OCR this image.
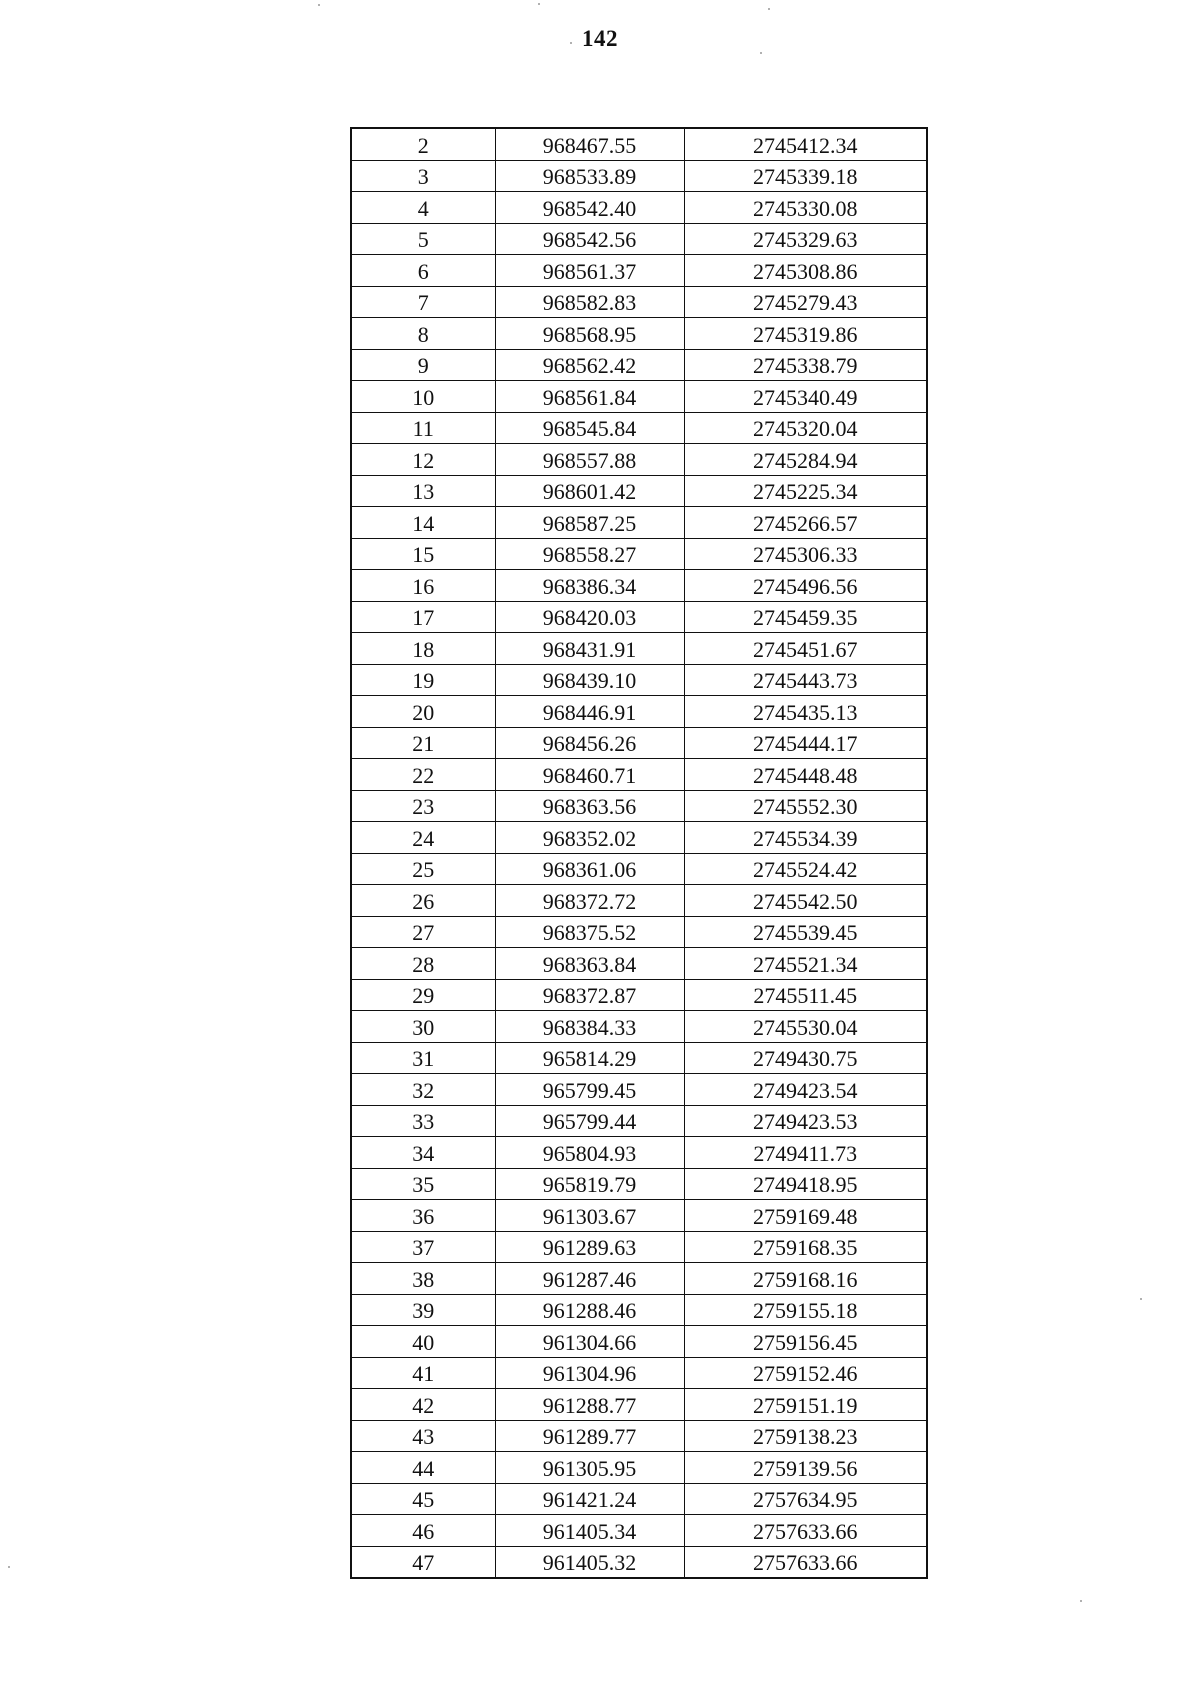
142
2	968467.55	2745412.34
3	968533.89	2745339.18
4	968542.40	2745330.08
5	968542.56	2745329.63
6	968561.37	2745308.86
7	968582.83	2745279.43
8	968568.95	2745319.86
9	968562.42	2745338.79
10	968561.84	2745340.49
11	968545.84	2745320.04
12	968557.88	2745284.94
13	968601.42	2745225.34
14	968587.25	2745266.57
15	968558.27	2745306.33
16	968386.34	2745496.56
17	968420.03	2745459.35
18	968431.91	2745451.67
19	968439.10	2745443.73
20	968446.91	2745435.13
21	968456.26	2745444.17
22	968460.71	2745448.48
23	968363.56	2745552.30
24	968352.02	2745534.39
25	968361.06	2745524.42
26	968372.72	2745542.50
27	968375.52	2745539.45
28	968363.84	2745521.34
29	968372.87	2745511.45
30	968384.33	2745530.04
31	965814.29	2749430.75
32	965799.45	2749423.54
33	965799.44	2749423.53
34	965804.93	2749411.73
35	965819.79	2749418.95
36	961303.67	2759169.48
37	961289.63	2759168.35
38	961287.46	2759168.16
39	961288.46	2759155.18
40	961304.66	2759156.45
41	961304.96	2759152.46
42	961288.77	2759151.19
43	961289.77	2759138.23
44	961305.95	2759139.56
45	961421.24	2757634.95
46	961405.34	2757633.66
47	961405.32	2757633.66
